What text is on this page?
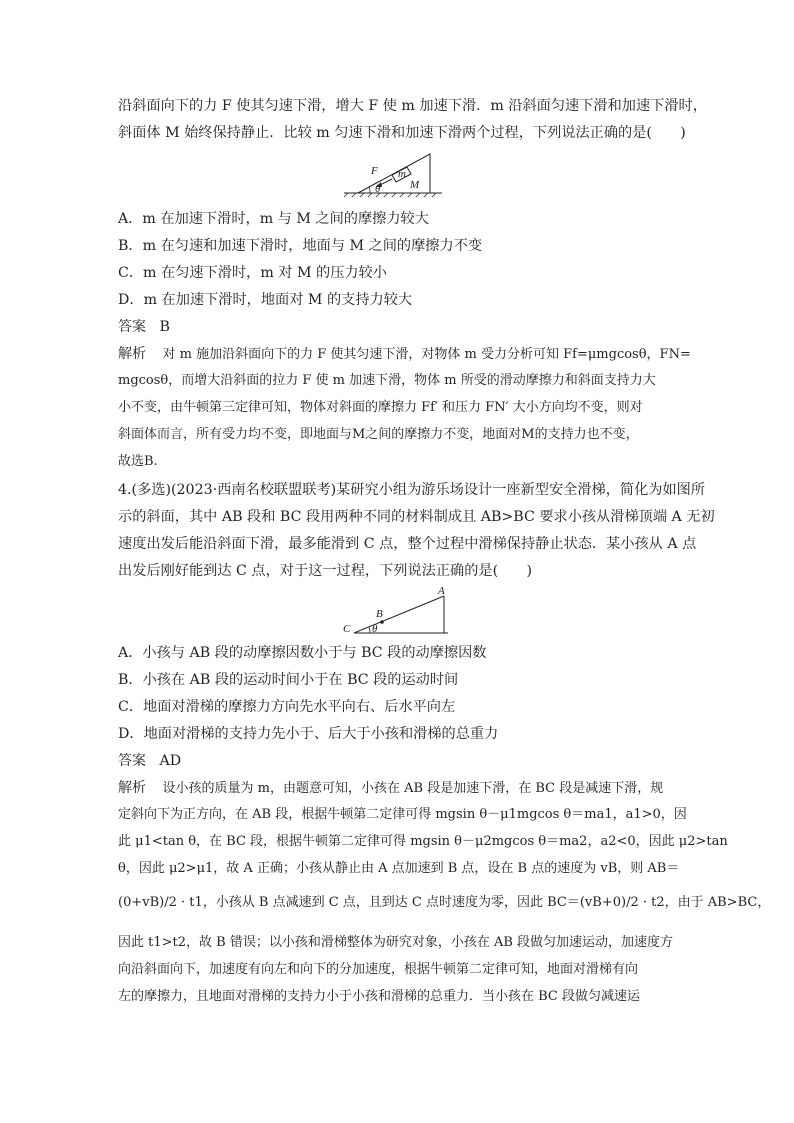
沿斜面向下的力 F 使其匀速下滑，增大 F 使 m 加速下滑．m 沿斜面匀速下滑和加速下滑时，
斜面体 M 始终保持静止．比较 m 匀速下滑和加速下滑两个过程，下列说法正确的是(　　)
F m
θ	M
A．m 在加速下滑时，m 与 M 之间的摩擦力较大
B．m 在匀速和加速下滑时，地面与 M 之间的摩擦力不变
C．m 在匀速下滑时，m 对 M 的压力较小
D．m 在加速下滑时，地面对 M 的支持力较大
答案 B
解析 对 m 施加沿斜面向下的力 F 使其匀速下滑，对物体 m 受力分析可知 Ff=μmgcosθ，FN=
mgcosθ，而增大沿斜面的拉力 F 使 m 加速下滑，物体 m 所受的滑动摩擦力和斜面支持力大
小不变，由牛顿第三定律可知，物体对斜面的摩擦力 Ff′ 和压力 FN′ 大小方向均不变，则对
斜面体而言，所有受力均不变，即地面与M之间的摩擦力不变，地面对M的支持力也不变，
故选B.
4.(多选)(2023·西南名校联盟联考)某研究小组为游乐场设计一座新型安全滑梯，简化为如图所
示的斜面，其中 AB 段和 BC 段用两种不同的材料制成且 AB>BC 要求小孩从滑梯顶端 A 无初
速度出发后能沿斜面下滑，最多能滑到 C 点，整个过程中滑梯保持静止状态．某小孩从 A 点
出发后刚好能到达 C 点，对于这一过程，下列说法正确的是(　　)
A
B
C θ
A．小孩与 AB 段的动摩擦因数小于与 BC 段的动摩擦因数
B．小孩在 AB 段的运动时间小于在 BC 段的运动时间
C．地面对滑梯的摩擦力方向先水平向右、后水平向左
D．地面对滑梯的支持力先小于、后大于小孩和滑梯的总重力
答案 AD
解析 设小孩的质量为 m，由题意可知，小孩在 AB 段是加速下滑，在 BC 段是减速下滑，规
定斜向下为正方向，在 AB 段，根据牛顿第二定律可得 mgsin θ－μ1mgcos θ＝ma1，a1>0，因
此 μ1<tan θ，在 BC 段，根据牛顿第二定律可得 mgsin θ－μ2mgcos θ＝ma2，a2<0，因此 μ2>tan
θ，因此 μ2>μ1，故 A 正确；小孩从静止由 A 点加速到 B 点，设在 B 点的速度为 vB，则 AB＝
(0+vB)/2 · t1，小孩从 B 点减速到 C 点，且到达 C 点时速度为零，因此 BC＝(vB+0)/2 · t2，由于 AB>BC，
因此 t1>t2，故 B 错误；以小孩和滑梯整体为研究对象，小孩在 AB 段做匀加速运动，加速度方
向沿斜面向下，加速度有向左和向下的分加速度，根据牛顿第二定律可知，地面对滑梯有向
左的摩擦力，且地面对滑梯的支持力小于小孩和滑梯的总重力．当小孩在 BC 段做匀减速运
